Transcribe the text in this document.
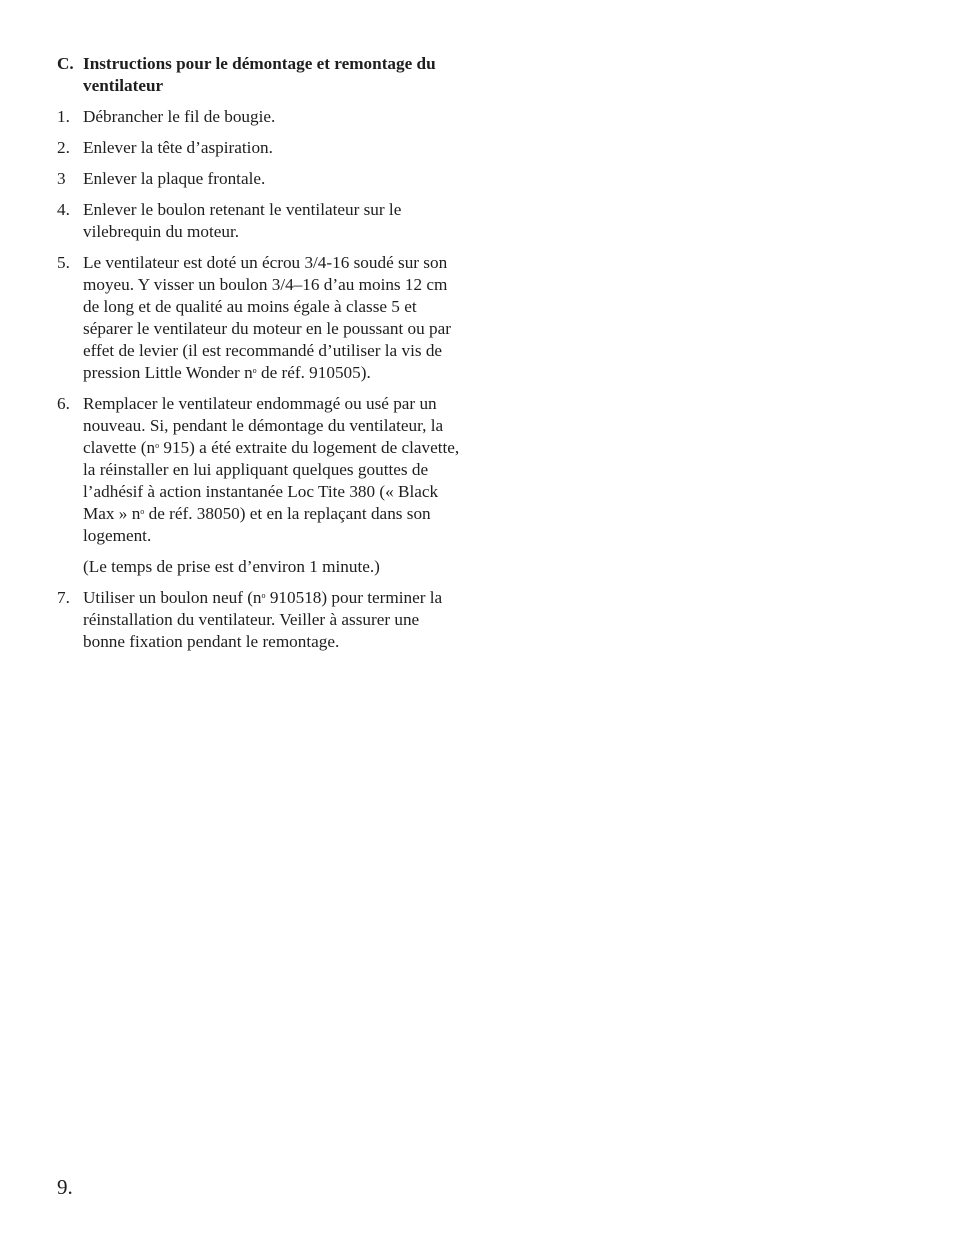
C. Instructions pour le démontage et remontage du ventilateur
1. Débrancher le fil de bougie.
2. Enlever la tête d’aspiration.
3	Enlever la plaque frontale.
4. Enlever le boulon retenant le ventilateur sur le vilebrequin du moteur.
5. Le ventilateur est doté un écrou 3/4-16 soudé sur son moyeu. Y visser un boulon 3/4–16 d’au moins 12 cm de long et de qualité au moins égale à classe 5 et séparer le ventilateur du moteur en le poussant ou par effet de levier (il est recommandé d’utiliser la vis de pression Little Wonder $n^o$ de réf. 910505).
6. Remplacer le ventilateur endommagé ou usé par un nouveau. Si, pendant le démontage du ventilateur, la clavette ($n^o$ 915) a été extraite du logement de clavette, la réinstaller en lui appliquant quelques gouttes de l’adhésif à action instantanée Loc Tite 380 (« Black Max » $n^o$ de réf. 38050) et en la replaçant dans son logement.
(Le temps de prise est d’environ 1 minute.)
7. Utiliser un boulon neuf ($n^o$ 910518) pour terminer la réinstallation du ventilateur. Veiller à assurer une bonne fixation pendant le remontage.
9.
